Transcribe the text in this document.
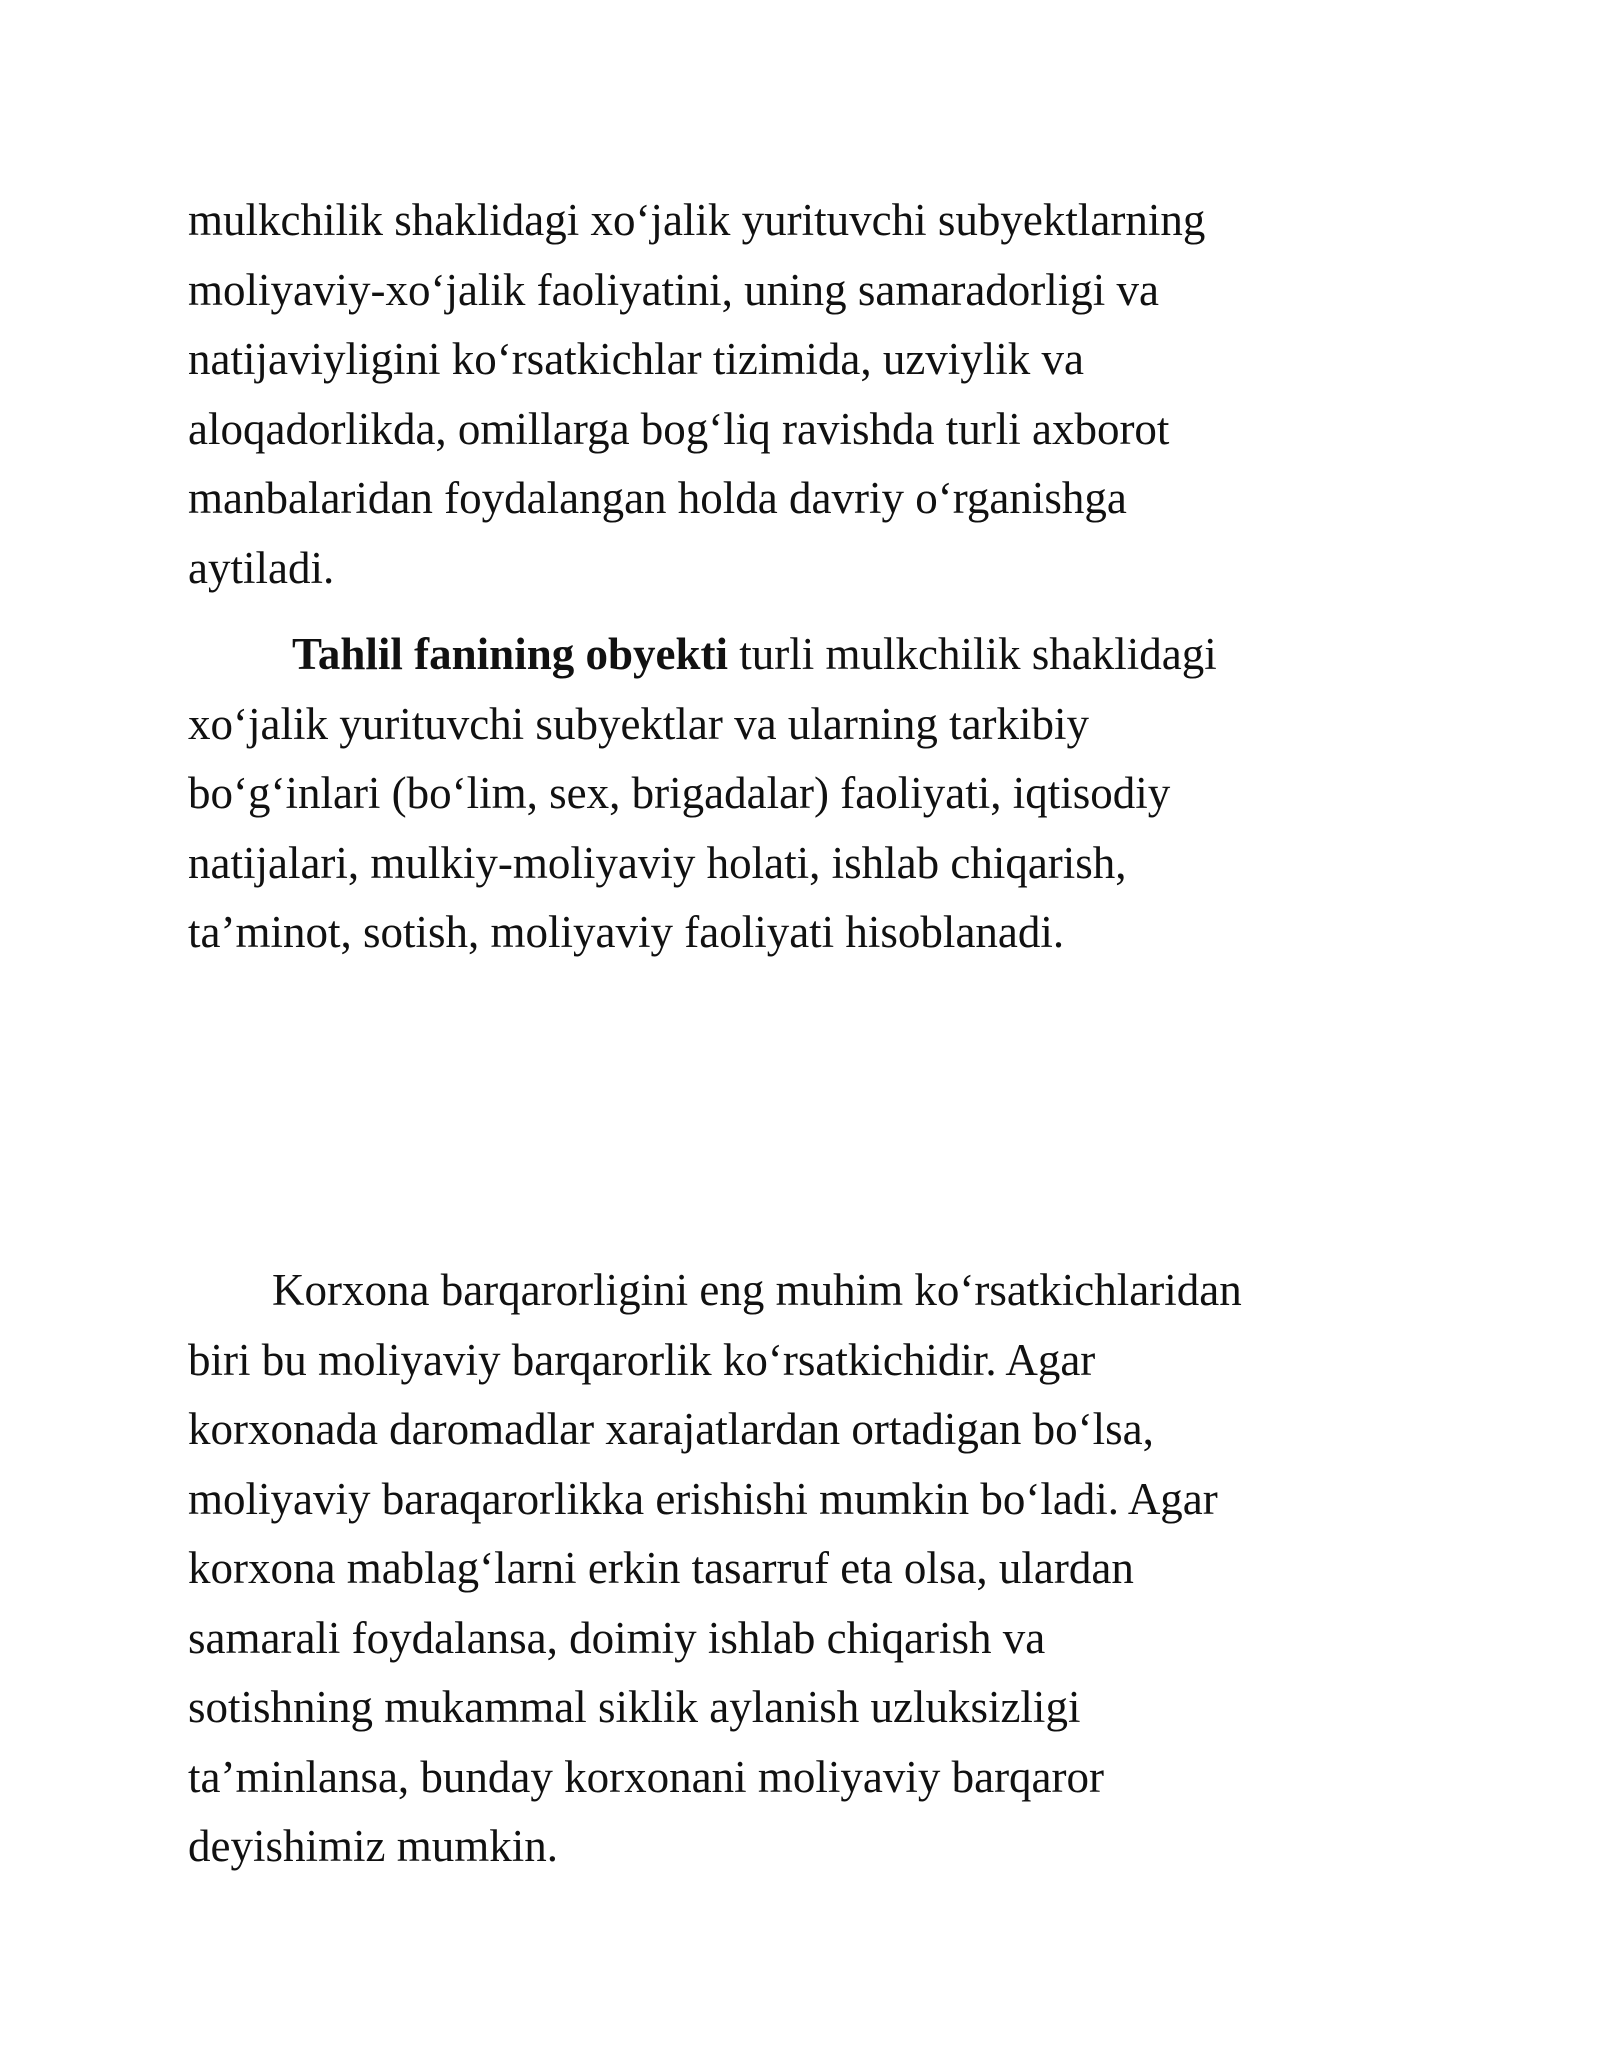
mulkchilik shaklidagi xo‘jalik yurituvchi subyektlarning
moliyaviy-xo‘jalik faoliyatini, uning samaradorligi va
natijaviyligini ko‘rsatkichlar tizimida, uzviylik va
aloqadorlikda, omillarga bog‘liq ravishda turli axborot
manbalaridan foydalangan holda davriy o‘rganishga
aytiladi.
Tahlil fanining obyekti turli mulkchilik shaklidagi
xo‘jalik yurituvchi subyektlar va ularning tarkibiy
bo‘g‘inlari (bo‘lim, sex, brigadalar) faoliyati, iqtisodiy
natijalari, mulkiy-moliyaviy holati, ishlab chiqarish,
ta’minot, sotish, moliyaviy faoliyati hisoblanadi.
Korxona barqarorligini eng muhim ko‘rsatkichlaridan
biri bu moliyaviy barqarorlik ko‘rsatkichidir. Agar
korxonada daromadlar xarajatlardan ortadigan bo‘lsa,
moliyaviy baraqarorlikka erishishi mumkin bo‘ladi. Agar
korxona mablag‘larni erkin tasarruf eta olsa, ulardan
samarali foydalansa, doimiy ishlab chiqarish va
sotishning mukammal siklik aylanish uzluksizligi
ta’minlansa, bunday korxonani moliyaviy barqaror
deyishimiz mumkin.
